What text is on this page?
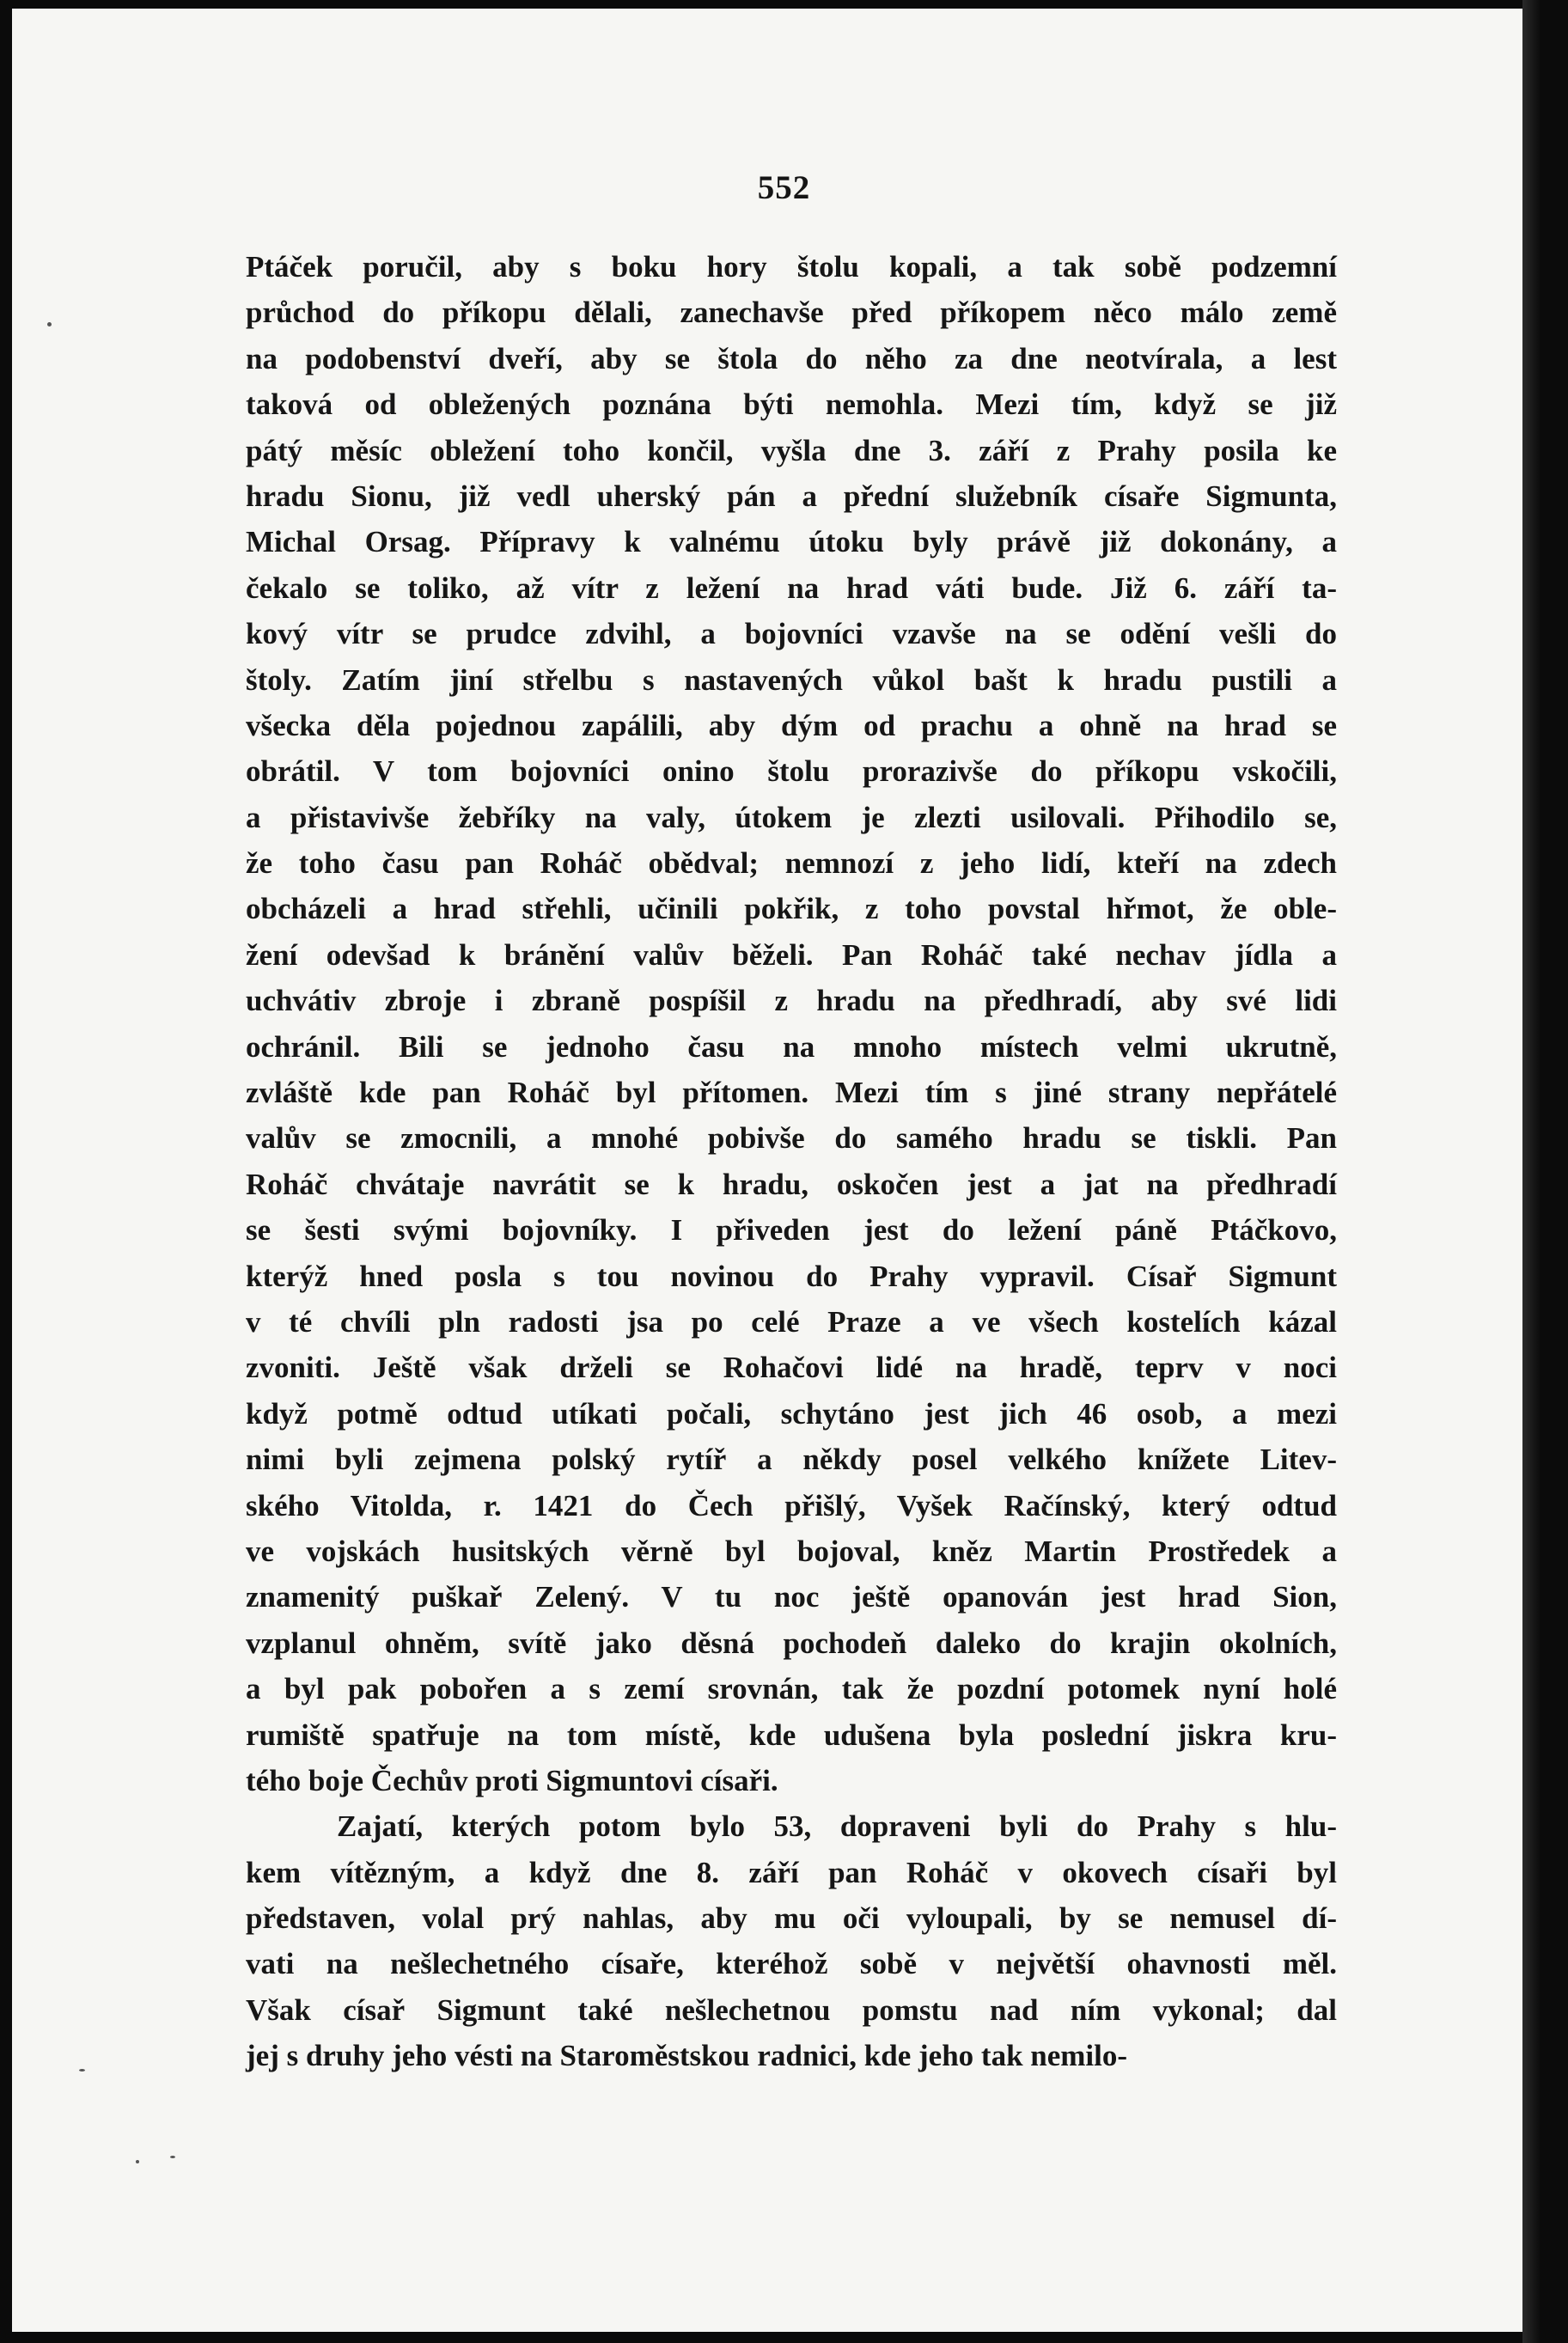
552

Ptáček poručil, aby s boku hory štolu kopali, a tak sobě podzemní
průchod do příkopu dělali, zanechavše před příkopem něco málo země
na podobenství dveří, aby se štola do něho za dne neotvírala, a lest
taková od obležených poznána býti nemohla. Mezi tím, když se již
pátý měsíc obležení toho končil, vyšla dne 3. září z Prahy posila ke
hradu Sionu, již vedl uherský pán a přední služebník císaře Sigmunta,
Michal Orsag. Přípravy k valnému útoku byly právě již dokonány, a
čekalo se toliko, až vítr z ležení na hrad váti bude. Již 6. září ta-
kový vítr se prudce zdvihl, a bojovníci vzavše na se odění vešli do
štoly. Zatím jiní střelbu s nastavených vůkol bašt k hradu pustili a
všecka děla pojednou zapálili, aby dým od prachu a ohně na hrad se
obrátil. V tom bojovníci onino štolu prorazivše do příkopu vskočili,
a přistavivše žebříky na valy, útokem je zlezti usilovali. Přihodilo se,
že toho času pan Roháč obědval; nemnozí z jeho lidí, kteří na zdech
obcházeli a hrad střehli, učinili pokřik, z toho povstal hřmot, že oble-
žení odevšad k bránění valův běželi. Pan Roháč také nechav jídla a
uchvátiv zbroje i zbraně pospíšil z hradu na předhradí, aby své lidi
ochránil. Bili se jednoho času na mnoho místech velmi ukrutně,
zvláště kde pan Roháč byl přítomen. Mezi tím s jiné strany nepřátelé
valův se zmocnili, a mnohé pobivše do samého hradu se tiskli. Pan
Roháč chvátaje navrátit se k hradu, oskočen jest a jat na předhradí
se šesti svými bojovníky. I přiveden jest do ležení páně Ptáčkovo,
kterýž hned posla s tou novinou do Prahy vypravil. Císař Sigmunt
v té chvíli pln radosti jsa po celé Praze a ve všech kostelích kázal
zvoniti. Ještě však drželi se Rohačovi lidé na hradě, teprv v noci
když potmě odtud utíkati počali, schytáno jest jich 46 osob, a mezi
nimi byli zejmena polský rytíř a někdy posel velkého knížete Litev-
ského Vitolda, r. 1421 do Čech přišlý, Vyšek Račínský, který odtud
ve vojskách husitských věrně byl bojoval, kněz Martin Prostředek a
znamenitý puškař Zelený. V tu noc ještě opanován jest hrad Sion,
vzplanul ohněm, svítě jako děsná pochodeň daleko do krajin okolních,
a byl pak pobořen a s zemí srovnán, tak že pozdní potomek nyní holé
rumiště spatřuje na tom místě, kde udušena byla poslední jiskra kru-
tého boje Čechův proti Sigmuntovi císaři.

Zajatí, kterých potom bylo 53, dopraveni byli do Prahy s hlu-
kem vítězným, a když dne 8. září pan Roháč v okovech císaři byl
představen, volal prý nahlas, aby mu oči vyloupali, by se nemusel dí-
vati na nešlechetného císaře, kteréhož sobě v největší ohavnosti měl.
Však císař Sigmunt také nešlechetnou pomstu nad ním vykonal; dal
jej s druhy jeho vésti na Staroměstskou radnici, kde jeho tak nemilo-
